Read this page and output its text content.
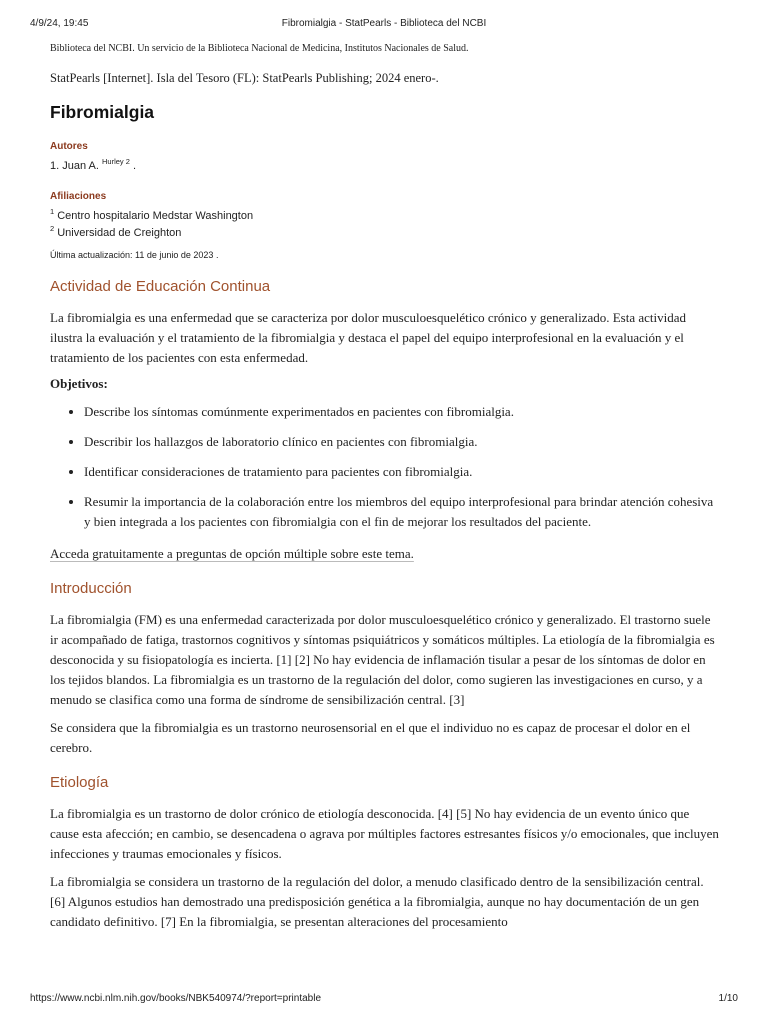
4/9/24, 19:45	Fibromialgia - StatPearls - Biblioteca del NCBI
Biblioteca del NCBI. Un servicio de la Biblioteca Nacional de Medicina, Institutos Nacionales de Salud.
StatPearls [Internet]. Isla del Tesoro (FL): StatPearls Publishing; 2024 enero-.
Fibromialgia
Autores
1. Juan A. $^{Hurley 2}$ .
Afiliaciones
$^1$ Centro hospitalario Medstar Washington
$^2$ Universidad de Creighton
Última actualización: 11 de junio de 2023 .
Actividad de Educación Continua

La fibromialgia es una enfermedad que se caracteriza por dolor musculoesquelético crónico y generalizado. Esta actividad ilustra la evaluación y el tratamiento de la fibromialgia y destaca el papel del equipo interprofesional en la evaluación y el tratamiento de los pacientes con esta enfermedad.

Objetivos:

• Describe los síntomas comúnmente experimentados en pacientes con fibromialgia.
• Describir los hallazgos de laboratorio clínico en pacientes con fibromialgia.
• Identificar consideraciones de tratamiento para pacientes con fibromialgia.
• Resumir la importancia de la colaboración entre los miembros del equipo interprofesional para brindar atención cohesiva y bien integrada a los pacientes con fibromialgia con el fin de mejorar los resultados del paciente.
Acceda gratuitamente a preguntas de opción múltiple sobre este tema.
Introducción

La fibromialgia (FM) es una enfermedad caracterizada por dolor musculoesquelético crónico y generalizado. El trastorno suele ir acompañado de fatiga, trastornos cognitivos y síntomas psiquiátricos y somáticos múltiples. La etiología de la fibromialgia es desconocida y su fisiopatología es incierta. [1] [2] No hay evidencia de inflamación tisular a pesar de los síntomas de dolor en los tejidos blandos. La fibromialgia es un trastorno de la regulación del dolor, como sugieren las investigaciones en curso, y a menudo se clasifica como una forma de síndrome de sensibilización central. [3]

Se considera que la fibromialgia es un trastorno neurosensorial en el que el individuo no es capaz de procesar el dolor en el cerebro.

Etiología

La fibromialgia es un trastorno de dolor crónico de etiología desconocida. [4] [5] No hay evidencia de un evento único que cause esta afección; en cambio, se desencadena o agrava por múltiples factores estresantes físicos y/o emocionales, que incluyen infecciones y traumas emocionales y físicos.

La fibromialgia se considera un trastorno de la regulación del dolor, a menudo clasificado dentro de la sensibilización central. [6] Algunos estudios han demostrado una predisposición genética a la fibromialgia, aunque no hay documentación de un gen candidato definitivo. [7] En la fibromialgia, se presentan alteraciones del procesamiento

https://www.ncbi.nlm.nih.gov/books/NBK540974/?report=printable	1/10
